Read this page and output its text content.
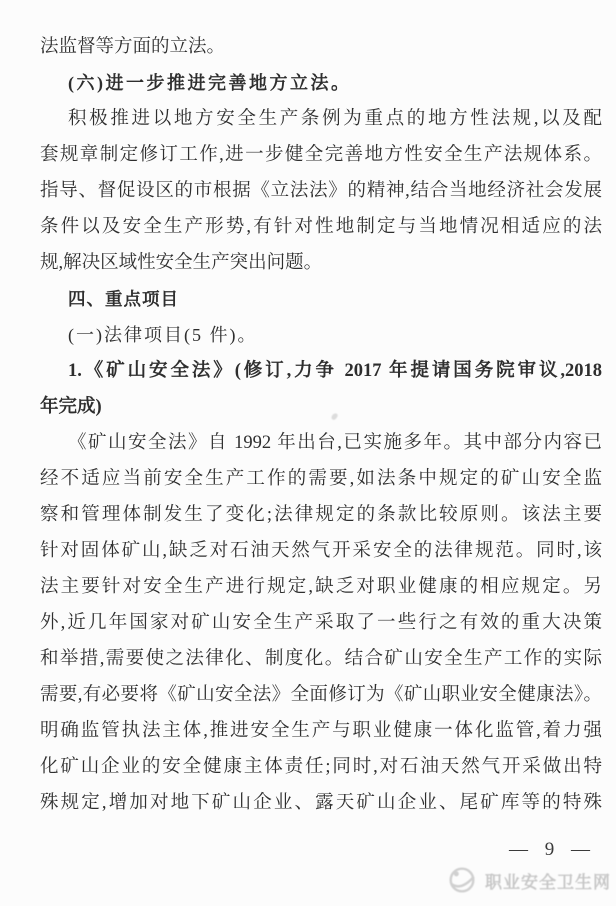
法监督等方面的立法。
(六)进一步推进完善地方立法。
积极推进以地方安全生产条例为重点的地方性法规,以及配
套规章制定修订工作,进一步健全完善地方性安全生产法规体系。
指导、督促设区的市根据《立法法》的精神,结合当地经济社会发展
条件以及安全生产形势,有针对性地制定与当地情况相适应的法
规,解决区域性安全生产突出问题。
四、重点项目
(一)法律项目(5 件)。
1.《矿山安全法》(修订,力争 2017 年提请国务院审议,2018
年完成)
《矿山安全法》自 1992 年出台,已实施多年。其中部分内容已
经不适应当前安全生产工作的需要,如法条中规定的矿山安全监
察和管理体制发生了变化;法律规定的条款比较原则。该法主要
针对固体矿山,缺乏对石油天然气开采安全的法律规范。同时,该
法主要针对安全生产进行规定,缺乏对职业健康的相应规定。另
外,近几年国家对矿山安全生产采取了一些行之有效的重大决策
和举措,需要使之法律化、制度化。结合矿山安全生产工作的实际
需要,有必要将《矿山安全法》全面修订为《矿山职业安全健康法》。
明确监管执法主体,推进安全生产与职业健康一体化监管,着力强
化矿山企业的安全健康主体责任;同时,对石油天然气开采做出特
殊规定,增加对地下矿山企业、露天矿山企业、尾矿库等的特殊
— 9 —
职业安全卫生网
